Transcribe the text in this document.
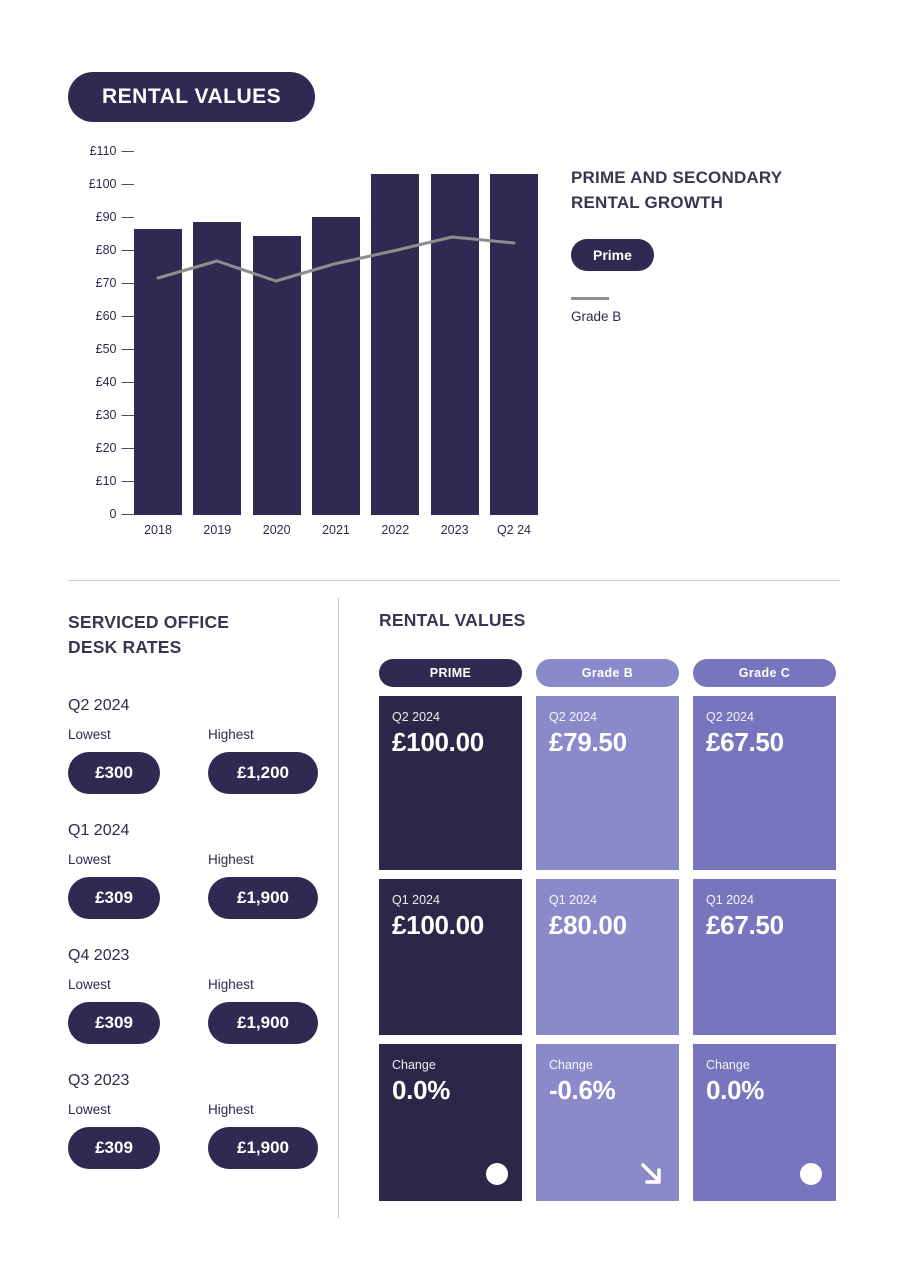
RENTAL VALUES
£110 —
£100 —
£90 —
£80 —
£70 —
£60 —
£50 —
£40 —
£30 —
£20 —
£10 —
0 —
2018	2019	2020	2021	2022	2023	Q2 24
PRIME AND SECONDARY
RENTAL GROWTH
Prime
Grade B
SERVICED OFFICE
DESK RATES
Q2 2024
Lowest
£300
Highest
£1,200
Q1 2024
Lowest
£309
Highest
£1,900
Q4 2023
Lowest
£309
Highest
£1,900
Q3 2023
Lowest
£309
Highest
£1,900
RENTAL VALUES
PRIME
Q2 2024
£100.00
Q1 2024
£100.00
Change
0.0%
Grade B
Q2 2024
£79.50
Q1 2024
£80.00
Change
-0.6%
Grade C
Q2 2024
£67.50
Q1 2024
£67.50
Change
0.0%
